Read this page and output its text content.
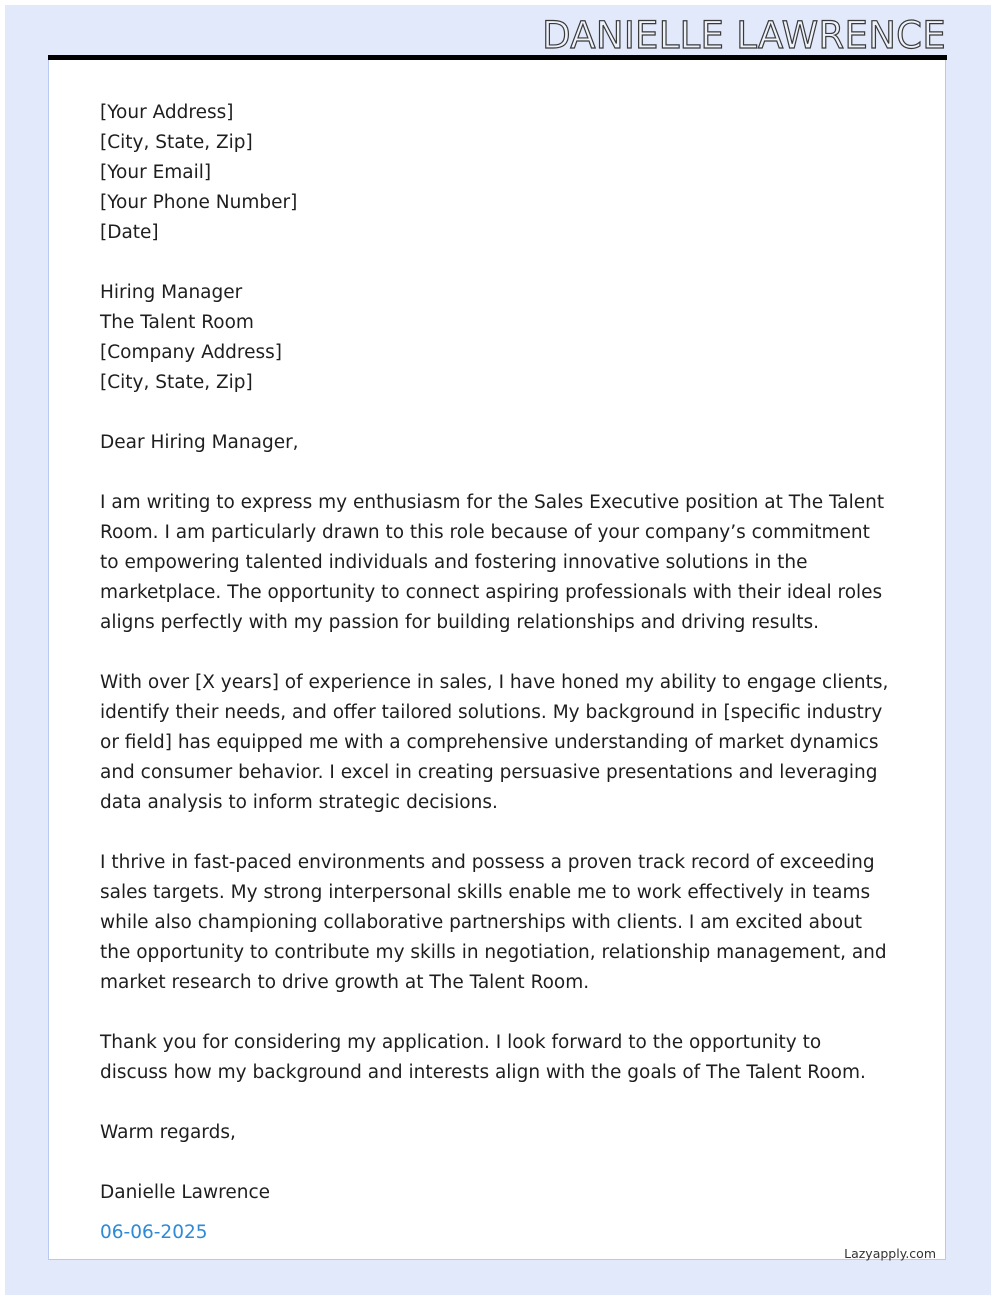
DANIELLE LAWRENCE
[Your Address]
[City, State, Zip]
[Your Email]
[Your Phone Number]
[Date]
Hiring Manager
The Talent Room
[Company Address]
[City, State, Zip]

Dear Hiring Manager,

I am writing to express my enthusiasm for the Sales Executive position at The Talent Room. I am particularly drawn to this role because of your company’s commitment to empowering talented individuals and fostering innovative solutions in the marketplace. The opportunity to connect aspiring professionals with their ideal roles aligns perfectly with my passion for building relationships and driving results.

With over [X years] of experience in sales, I have honed my ability to engage clients, identify their needs, and offer tailored solutions. My background in [specific industry or field] has equipped me with a comprehensive understanding of market dynamics and consumer behavior. I excel in creating persuasive presentations and leveraging data analysis to inform strategic decisions.

I thrive in fast-paced environments and possess a proven track record of exceeding sales targets. My strong interpersonal skills enable me to work effectively in teams while also championing collaborative partnerships with clients. I am excited about the opportunity to contribute my skills in negotiation, relationship management, and market research to drive growth at The Talent Room.

Thank you for considering my application. I look forward to the opportunity to discuss how my background and interests align with the goals of The Talent Room.

Warm regards,

Danielle Lawrence

06-06-2025
Lazyapply.com
